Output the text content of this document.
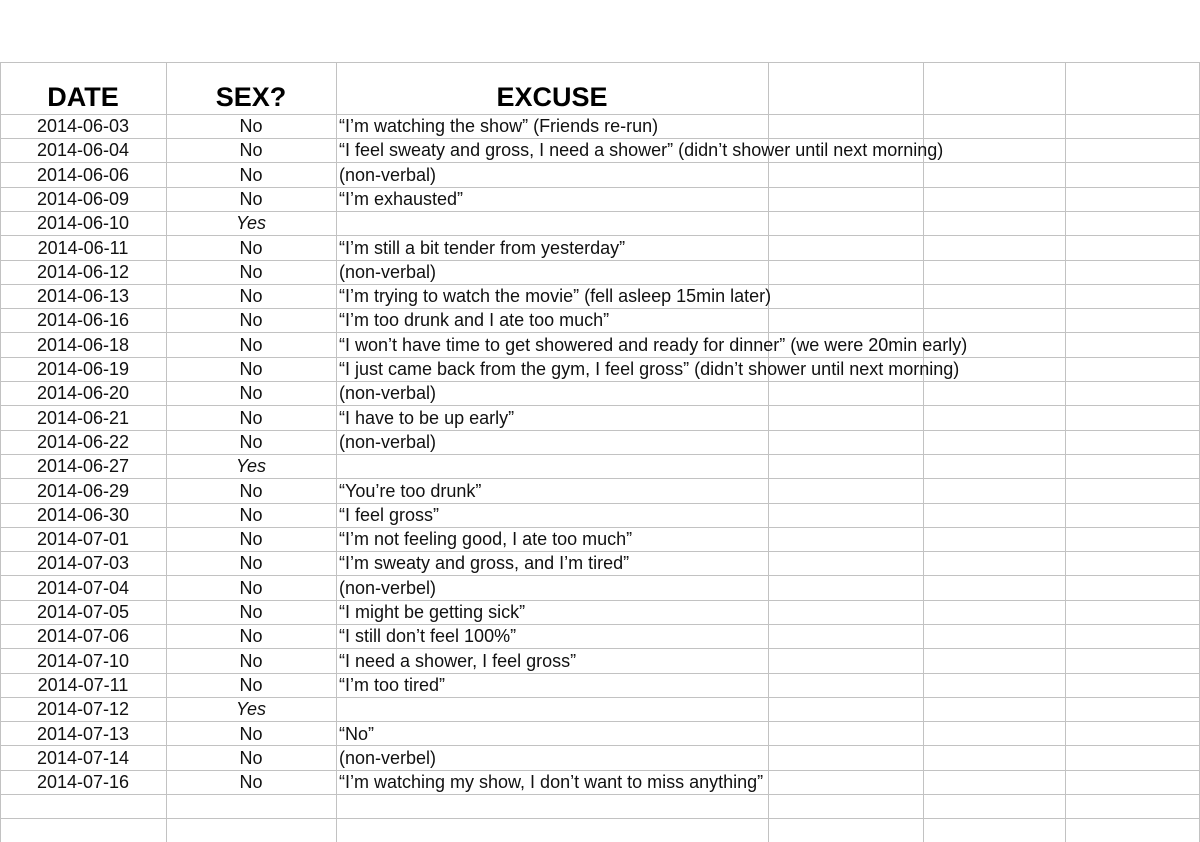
DATE	SEX?	EXCUSE
2014-06-03	No	“I’m watching the show” (Friends re-run)
2014-06-04	No	“I feel sweaty and gross, I need a shower” (didn’t shower until next morning)
2014-06-06	No	(non-verbal)
2014-06-09	No	“I’m exhausted”
2014-06-10	Yes
2014-06-11	No	“I’m still a bit tender from yesterday”
2014-06-12	No	(non-verbal)
2014-06-13	No	“I’m trying to watch the movie” (fell asleep 15min later)
2014-06-16	No	“I’m too drunk and I ate too much”
2014-06-18	No	“I won’t have time to get showered and ready for dinner” (we were 20min early)
2014-06-19	No	“I just came back from the gym, I feel gross” (didn’t shower until next morning)
2014-06-20	No	(non-verbal)
2014-06-21	No	“I have to be up early”
2014-06-22	No	(non-verbal)
2014-06-27	Yes
2014-06-29	No	“You’re too drunk”
2014-06-30	No	“I feel gross”
2014-07-01	No	“I’m not feeling good, I ate too much”
2014-07-03	No	“I’m sweaty and gross, and I’m tired”
2014-07-04	No	(non-verbel)
2014-07-05	No	“I might be getting sick”
2014-07-06	No	“I still don’t feel 100%”
2014-07-10	No	“I need a shower, I feel gross”
2014-07-11	No	“I’m too tired”
2014-07-12	Yes
2014-07-13	No	“No”
2014-07-14	No	(non-verbel)
2014-07-16	No	“I’m watching my show, I don’t want to miss anything”
